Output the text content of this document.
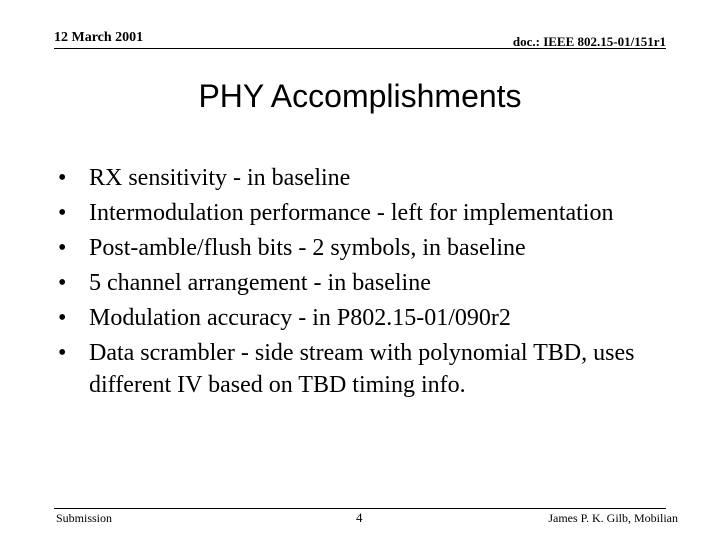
12 March 2001	doc.: IEEE 802.15-01/151r1
PHY Accomplishments
• RX sensitivity - in baseline
• Intermodulation performance - left for implementation
• Post-amble/flush bits - 2 symbols, in baseline
• 5 channel arrangement - in baseline
• Modulation accuracy - in P802.15-01/090r2
• Data scrambler - side stream with polynomial TBD, uses different IV based on TBD timing info.
Submission	4	James P. K. Gilb, Mobilian
